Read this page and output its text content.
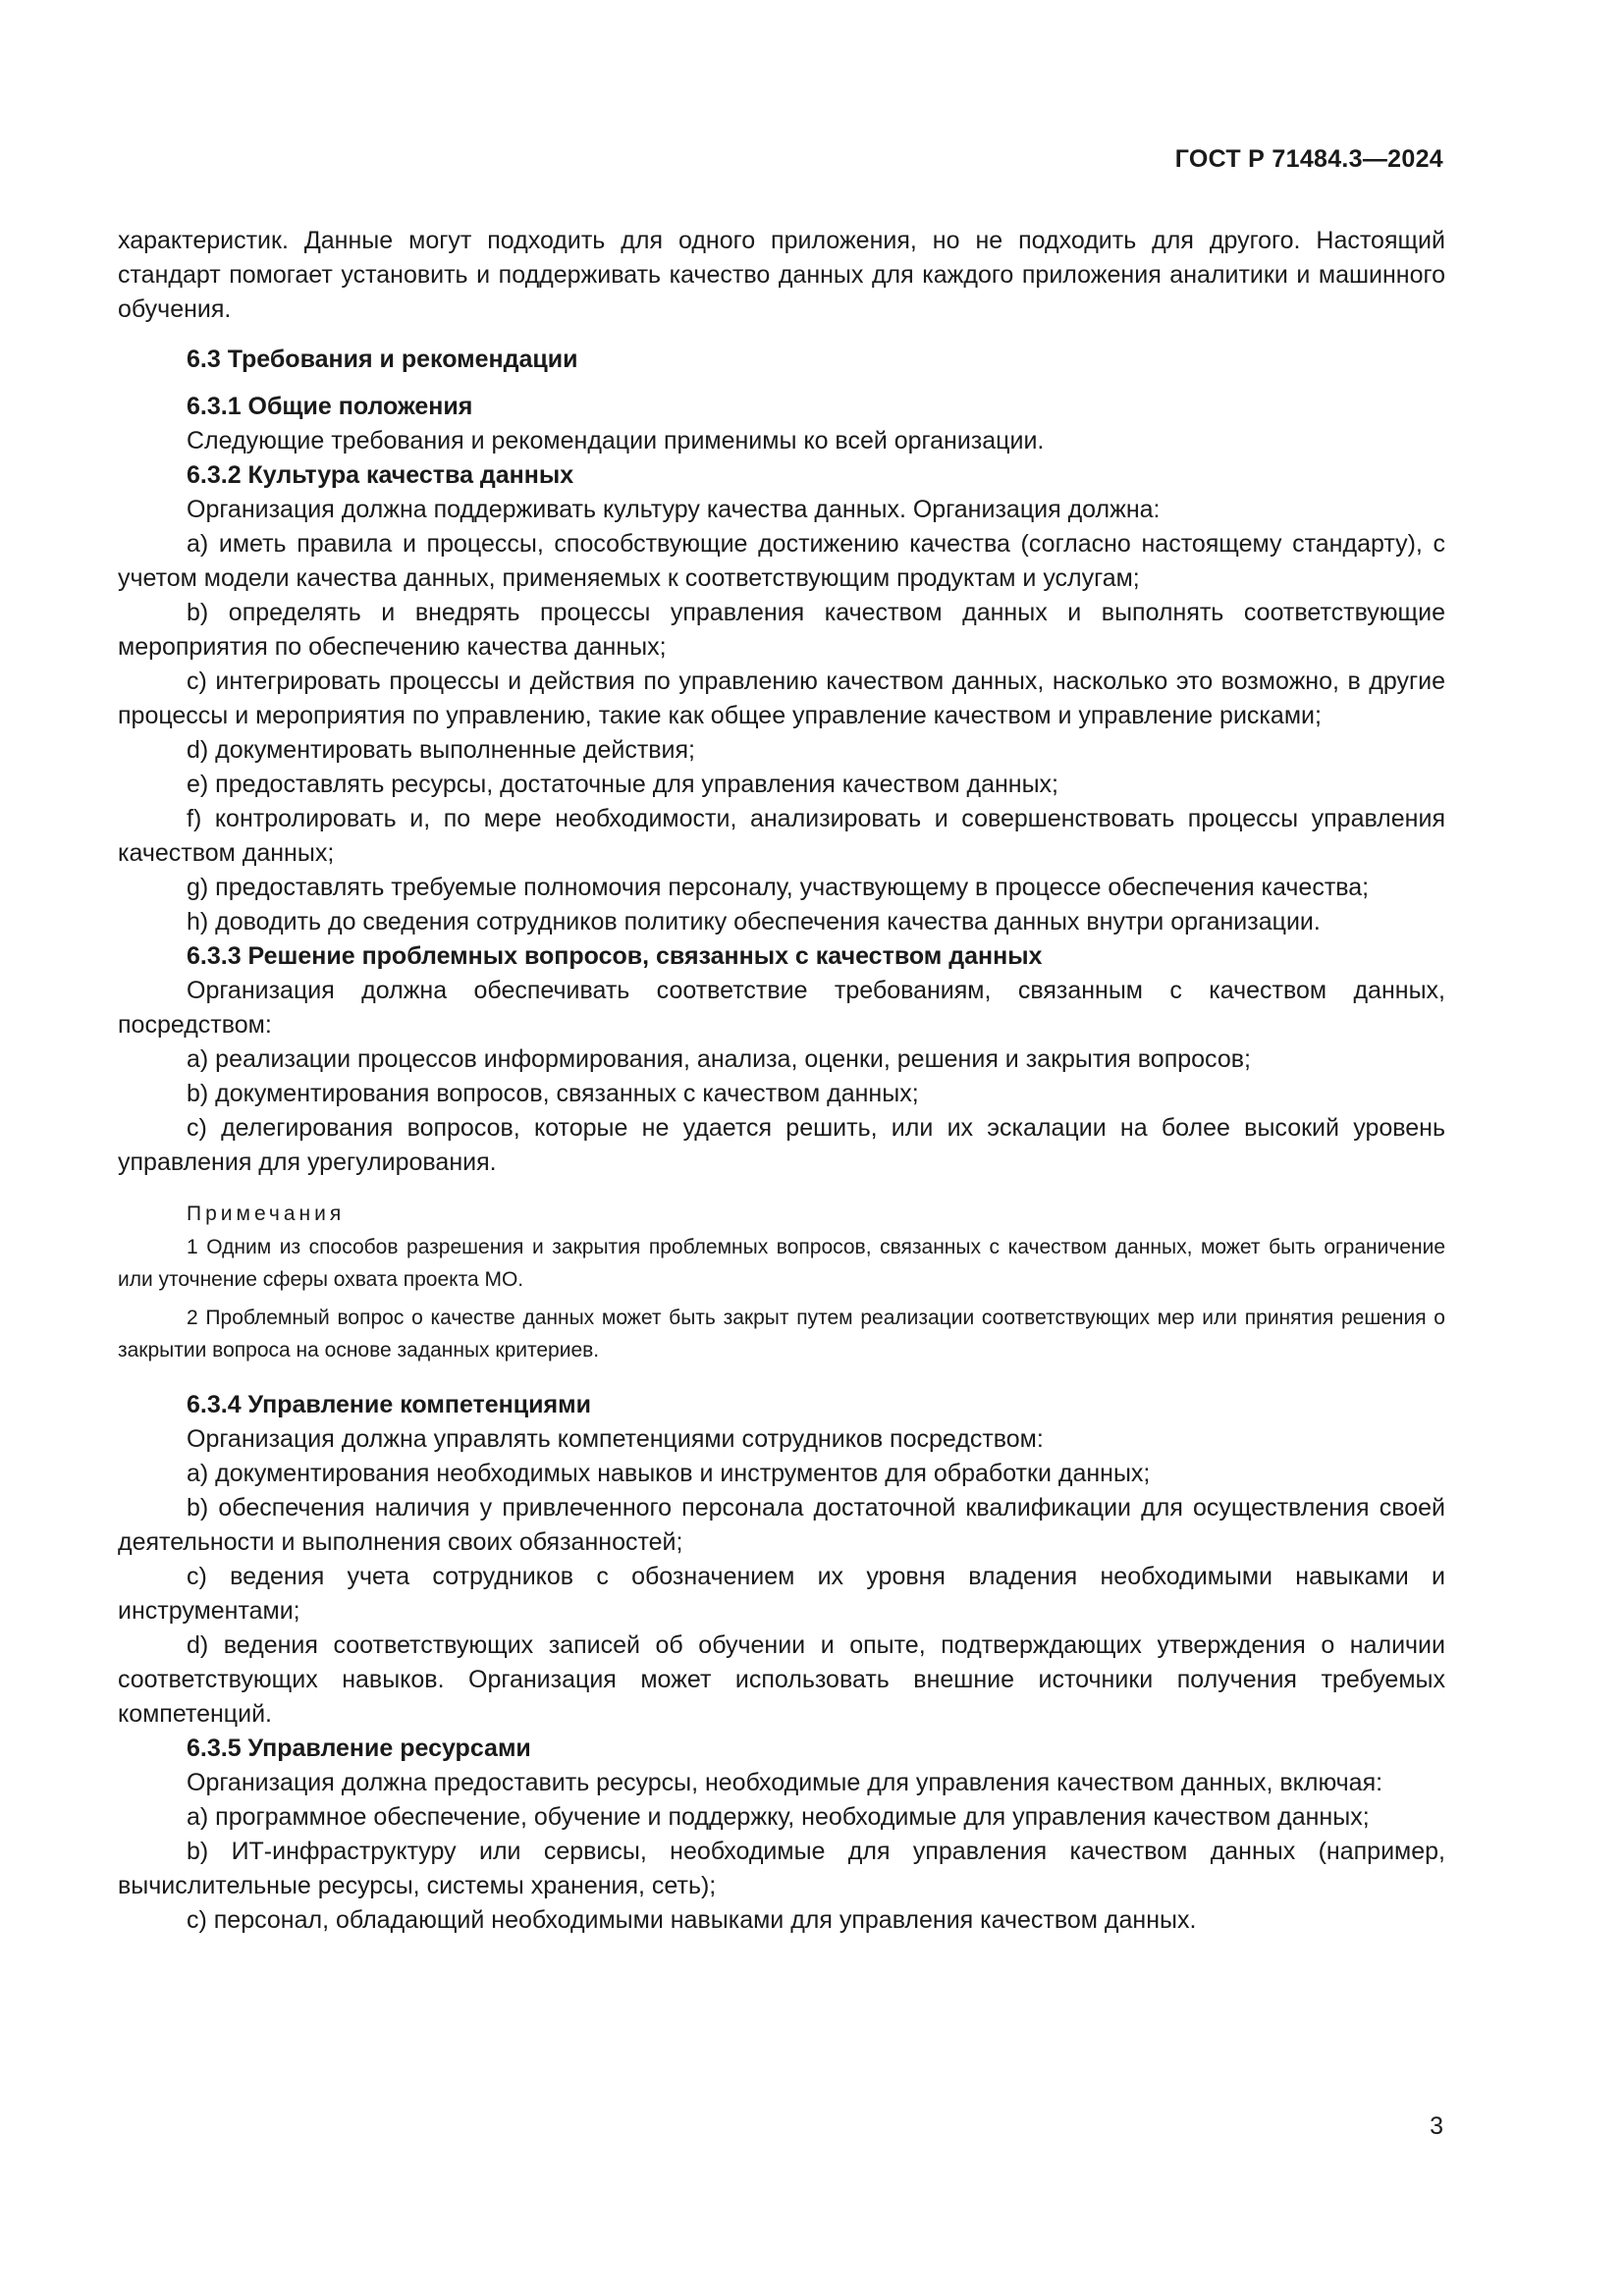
ГОСТ Р 71484.3—2024

характеристик. Данные могут подходить для одного приложения, но не подходить для другого. Настоящий стандарт помогает установить и поддерживать качество данных для каждого приложения аналитики и машинного обучения.

6.3 Требования и рекомендации

6.3.1 Общие положения

Следующие требования и рекомендации применимы ко всей организации.

6.3.2 Культура качества данных

Организация должна поддерживать культуру качества данных. Организация должна:

a) иметь правила и процессы, способствующие достижению качества (согласно настоящему стандарту), с учетом модели качества данных, применяемых к соответствующим продуктам и услугам;

b) определять и внедрять процессы управления качеством данных и выполнять соответствующие мероприятия по обеспечению качества данных;

c) интегрировать процессы и действия по управлению качеством данных, насколько это возможно, в другие процессы и мероприятия по управлению, такие как общее управление качеством и управление рисками;

d) документировать выполненные действия;

e) предоставлять ресурсы, достаточные для управления качеством данных;

f) контролировать и, по мере необходимости, анализировать и совершенствовать процессы управления качеством данных;

g) предоставлять требуемые полномочия персоналу, участвующему в процессе обеспечения качества;

h) доводить до сведения сотрудников политику обеспечения качества данных внутри организации.

6.3.3 Решение проблемных вопросов, связанных с качеством данных

Организация должна обеспечивать соответствие требованиям, связанным с качеством данных, посредством:

a) реализации процессов информирования, анализа, оценки, решения и закрытия вопросов;

b) документирования вопросов, связанных с качеством данных;

c) делегирования вопросов, которые не удается решить, или их эскалации на более высокий уровень управления для урегулирования.

Примечания

1 Одним из способов разрешения и закрытия проблемных вопросов, связанных с качеством данных, может быть ограничение или уточнение сферы охвата проекта МО.

2 Проблемный вопрос о качестве данных может быть закрыт путем реализации соответствующих мер или принятия решения о закрытии вопроса на основе заданных критериев.

6.3.4 Управление компетенциями

Организация должна управлять компетенциями сотрудников посредством:

a) документирования необходимых навыков и инструментов для обработки данных;

b) обеспечения наличия у привлеченного персонала достаточной квалификации для осуществления своей деятельности и выполнения своих обязанностей;

c) ведения учета сотрудников с обозначением их уровня владения необходимыми навыками и инструментами;

d) ведения соответствующих записей об обучении и опыте, подтверждающих утверждения о наличии соответствующих навыков. Организация может использовать внешние источники получения требуемых компетенций.

6.3.5 Управление ресурсами

Организация должна предоставить ресурсы, необходимые для управления качеством данных, включая:

a) программное обеспечение, обучение и поддержку, необходимые для управления качеством данных;

b) ИТ-инфраструктуру или сервисы, необходимые для управления качеством данных (например, вычислительные ресурсы, системы хранения, сеть);

c) персонал, обладающий необходимыми навыками для управления качеством данных.

3
